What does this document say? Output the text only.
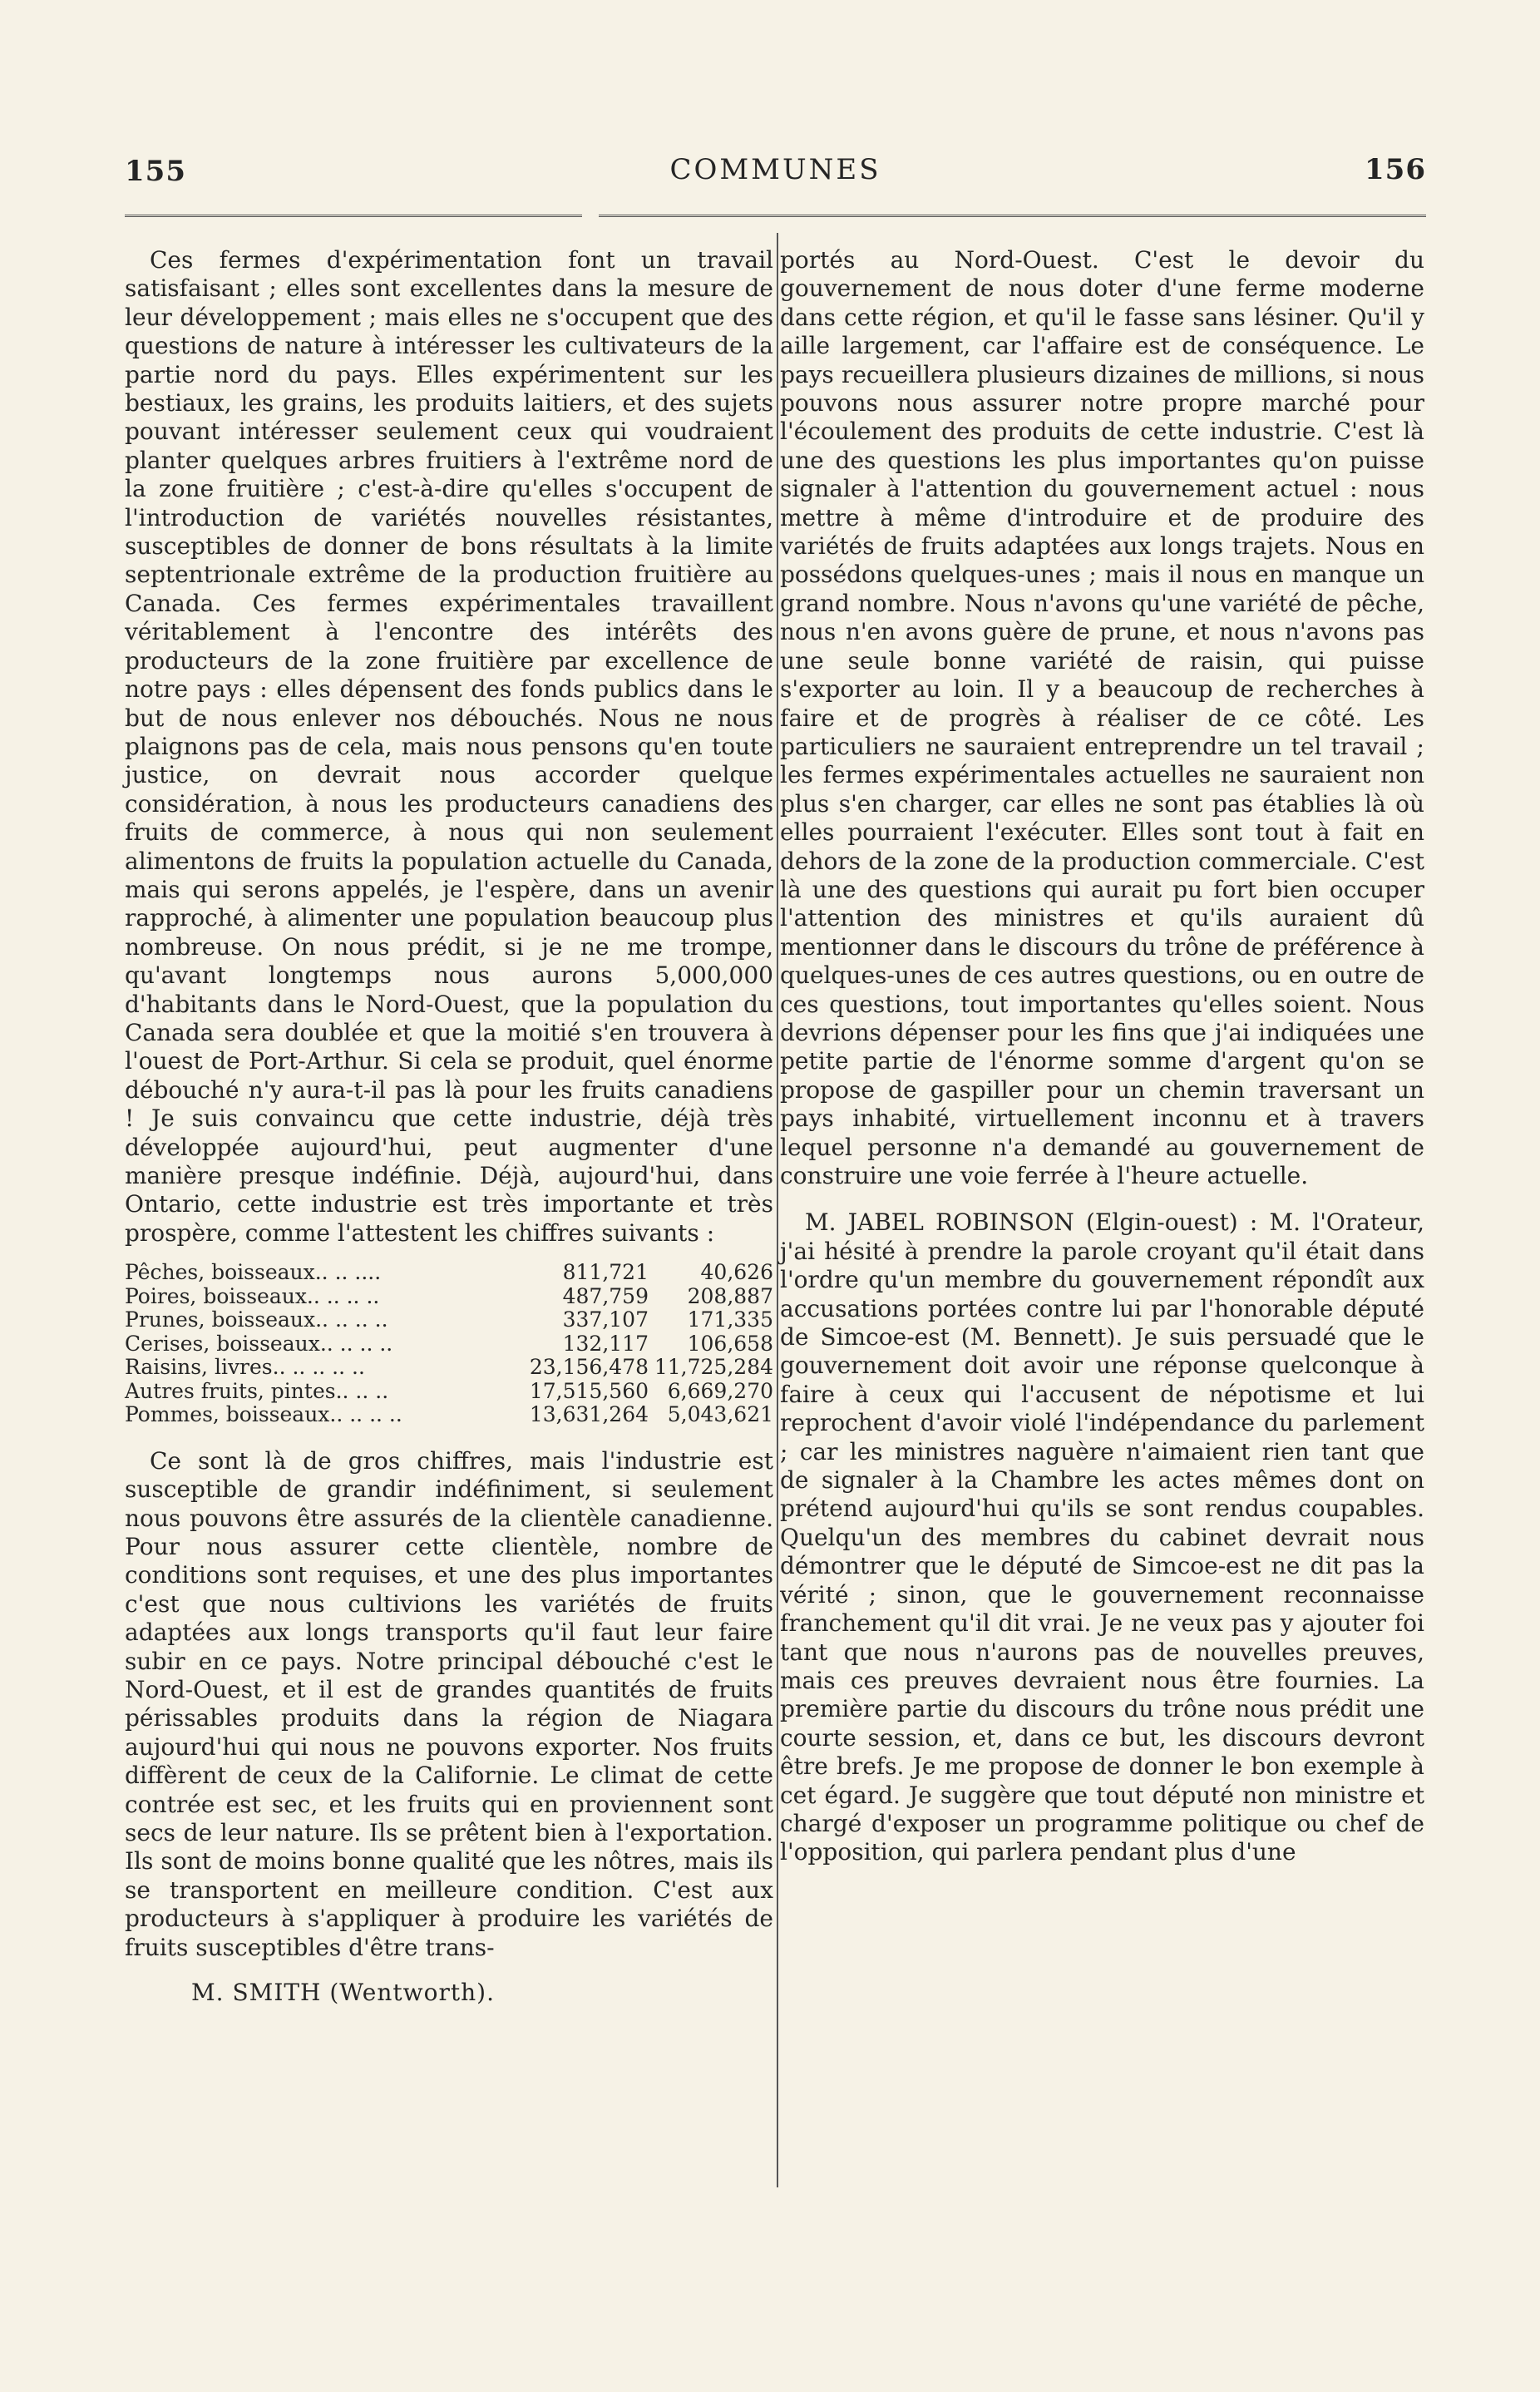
155	COMMUNES	156

Ces fermes d'expérimentation font un travail satisfaisant ; elles sont excellentes dans la mesure de leur développement ; mais elles ne s'occupent que des questions de nature à intéresser les cultivateurs de la partie nord du pays. Elles expérimentent sur les bestiaux, les grains, les produits laitiers, et des sujets pouvant intéresser seulement ceux qui voudraient planter quelques arbres fruitiers à l'extrême nord de la zone fruitière ; c'est-à-dire qu'elles s'occupent de l'introduction de variétés nouvelles résistantes, susceptibles de donner de bons résultats à la limite septentrionale extrême de la production fruitière au Canada. Ces fermes expérimentales travaillent véritablement à l'encontre des intérêts des producteurs de la zone fruitière par excellence de notre pays : elles dépensent des fonds publics dans le but de nous enlever nos débouchés. Nous ne nous plaignons pas de cela, mais nous pensons qu'en toute justice, on devrait nous accorder quelque considération, à nous les producteurs canadiens des fruits de commerce, à nous qui non seulement alimentons de fruits la population actuelle du Canada, mais qui serons appelés, je l'espère, dans un avenir rapproché, à alimenter une population beaucoup plus nombreuse. On nous prédit, si je ne me trompe, qu'avant longtemps nous aurons 5,000,000 d'habitants dans le Nord-Ouest, que la population du Canada sera doublée et que la moitié s'en trouvera à l'ouest de Port-Arthur. Si cela se produit, quel énorme débouché n'y aura-t-il pas là pour les fruits canadiens ! Je suis convaincu que cette industrie, déjà très développée aujourd'hui, peut augmenter d'une manière presque indéfinie. Déjà, aujourd'hui, dans Ontario, cette industrie est très importante et très prospère, comme l'attestent les chiffres suivants :

Pêches, boisseaux.. .. ....	811,721	40,626
Poires, boisseaux.. .. .. ..	487,759	208,887
Prunes, boisseaux.. .. .. ..	337,107	171,335
Cerises, boisseaux.. .. .. ..	132,117	106,658
Raisins, livres.. .. .. .. ..	23,156,478	11,725,284
Autres fruits, pintes.. .. ..	17,515,560	6,669,270
Pommes, boisseaux.. .. .. ..	13,631,264	5,043,621

Ce sont là de gros chiffres, mais l'industrie est susceptible de grandir indéfiniment, si seulement nous pouvons être assurés de la clientèle canadienne. Pour nous assurer cette clientèle, nombre de conditions sont requises, et une des plus importantes c'est que nous cultivions les variétés de fruits adaptées aux longs transports qu'il faut leur faire subir en ce pays. Notre principal débouché c'est le Nord-Ouest, et il est de grandes quantités de fruits périssables produits dans la région de Niagara aujourd'hui qui nous ne pouvons exporter. Nos fruits diffèrent de ceux de la Californie. Le climat de cette contrée est sec, et les fruits qui en proviennent sont secs de leur nature. Ils se prêtent bien à l'exportation. Ils sont de moins bonne qualité que les nôtres, mais ils se transportent en meilleure condition. C'est aux producteurs à s'appliquer à produire les variétés de fruits susceptibles d'être trans-

M. SMITH (Wentworth).

portés au Nord-Ouest. C'est le devoir du gouvernement de nous doter d'une ferme moderne dans cette région, et qu'il le fasse sans lésiner. Qu'il y aille largement, car l'affaire est de conséquence. Le pays recueillera plusieurs dizaines de millions, si nous pouvons nous assurer notre propre marché pour l'écoulement des produits de cette industrie. C'est là une des questions les plus importantes qu'on puisse signaler à l'attention du gouvernement actuel : nous mettre à même d'introduire et de produire des variétés de fruits adaptées aux longs trajets. Nous en possédons quelques-unes ; mais il nous en manque un grand nombre. Nous n'avons qu'une variété de pêche, nous n'en avons guère de prune, et nous n'avons pas une seule bonne variété de raisin, qui puisse s'exporter au loin. Il y a beaucoup de recherches à faire et de progrès à réaliser de ce côté. Les particuliers ne sauraient entreprendre un tel travail ; les fermes expérimentales actuelles ne sauraient non plus s'en charger, car elles ne sont pas établies là où elles pourraient l'exécuter. Elles sont tout à fait en dehors de la zone de la production commerciale. C'est là une des questions qui aurait pu fort bien occuper l'attention des ministres et qu'ils auraient dû mentionner dans le discours du trône de préférence à quelques-unes de ces autres questions, ou en outre de ces questions, tout importantes qu'elles soient. Nous devrions dépenser pour les fins que j'ai indiquées une petite partie de l'énorme somme d'argent qu'on se propose de gaspiller pour un chemin traversant un pays inhabité, virtuellement inconnu et à travers lequel personne n'a demandé au gouvernement de construire une voie ferrée à l'heure actuelle.

M. JABEL ROBINSON (Elgin-ouest) : M. l'Orateur, j'ai hésité à prendre la parole croyant qu'il était dans l'ordre qu'un membre du gouvernement répondît aux accusations portées contre lui par l'honorable député de Simcoe-est (M. Bennett). Je suis persuadé que le gouvernement doit avoir une réponse quelconque à faire à ceux qui l'accusent de népotisme et lui reprochent d'avoir violé l'indépendance du parlement ; car les ministres naguère n'aimaient rien tant que de signaler à la Chambre les actes mêmes dont on prétend aujourd'hui qu'ils se sont rendus coupables. Quelqu'un des membres du cabinet devrait nous démontrer que le député de Simcoe-est ne dit pas la vérité ; sinon, que le gouvernement reconnaisse franchement qu'il dit vrai. Je ne veux pas y ajouter foi tant que nous n'aurons pas de nouvelles preuves, mais ces preuves devraient nous être fournies. La première partie du discours du trône nous prédit une courte session, et, dans ce but, les discours devront être brefs. Je me propose de donner le bon exemple à cet égard. Je suggère que tout député non ministre et chargé d'exposer un programme politique ou chef de l'opposition, qui parlera pendant plus d'une
